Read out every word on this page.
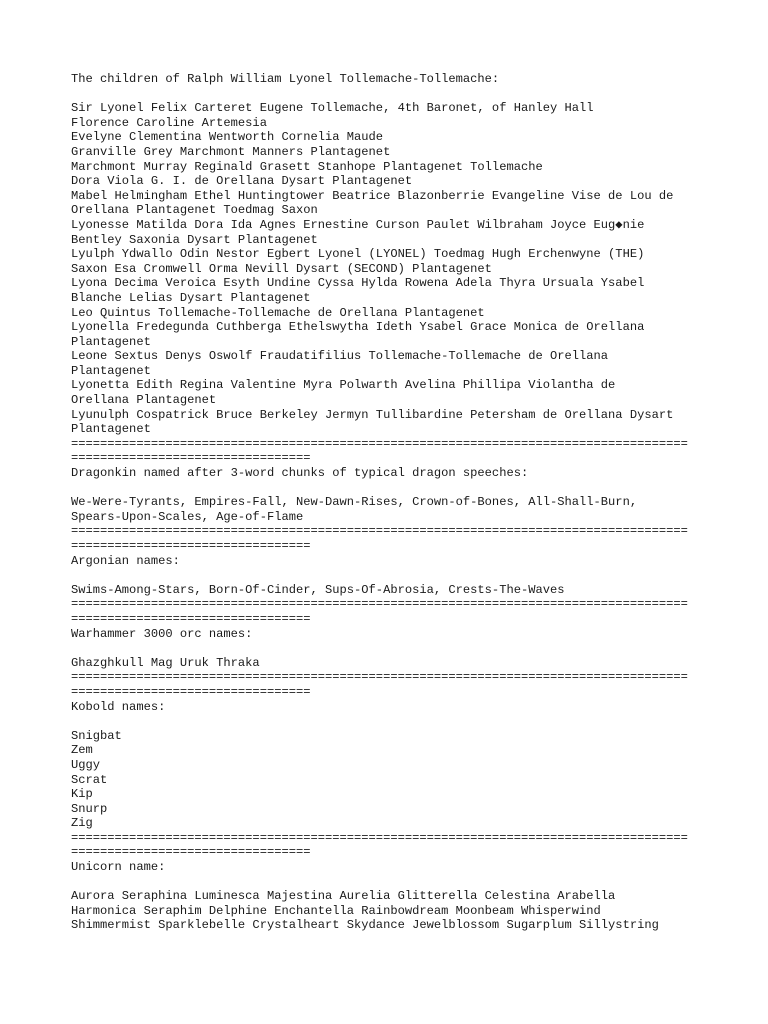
The children of Ralph William Lyonel Tollemache-Tollemache:
Sir Lyonel Felix Carteret Eugene Tollemache, 4th Baronet, of Hanley Hall
Florence Caroline Artemesia
Evelyne Clementina Wentworth Cornelia Maude
Granville Grey Marchmont Manners Plantagenet
Marchmont Murray Reginald Grasett Stanhope Plantagenet Tollemache
Dora Viola G. I. de Orellana Dysart Plantagenet
Mabel Helmingham Ethel Huntingtower Beatrice Blazonberrie Evangeline Vise de Lou de
Orellana Plantagenet Toedmag Saxon
Lyonesse Matilda Dora Ida Agnes Ernestine Curson Paulet Wilbraham Joyce Eug◆nie
Bentley Saxonia Dysart Plantagenet
Lyulph Ydwallo Odin Nestor Egbert Lyonel (LYONEL) Toedmag Hugh Erchenwyne (THE)
Saxon Esa Cromwell Orma Nevill Dysart (SECOND) Plantagenet
Lyona Decima Veroica Esyth Undine Cyssa Hylda Rowena Adela Thyra Ursuala Ysabel
Blanche Lelias Dysart Plantagenet
Leo Quintus Tollemache-Tollemache de Orellana Plantagenet
Lyonella Fredegunda Cuthberga Ethelswytha Ideth Ysabel Grace Monica de Orellana
Plantagenet
Leone Sextus Denys Oswolf Fraudatifilius Tollemache-Tollemache de Orellana
Plantagenet
Lyonetta Edith Regina Valentine Myra Polwarth Avelina Phillipa Violantha de
Orellana Plantagenet
Lyunulph Cospatrick Bruce Berkeley Jermyn Tullibardine Petersham de Orellana Dysart
Plantagenet
=====================================================================================
=================================
Dragonkin named after 3-word chunks of typical dragon speeches:
We-Were-Tyrants, Empires-Fall, New-Dawn-Rises, Crown-of-Bones, All-Shall-Burn,
Spears-Upon-Scales, Age-of-Flame
=====================================================================================
=================================
Argonian names:
Swims-Among-Stars, Born-Of-Cinder, Sups-Of-Abrosia, Crests-The-Waves
=====================================================================================
=================================
Warhammer 3000 orc names:
Ghazghkull Mag Uruk Thraka
=====================================================================================
=================================
Kobold names:
Snigbat
Zem
Uggy
Scrat
Kip
Snurp
Zig
=====================================================================================
=================================
Unicorn name:
Aurora Seraphina Luminesca Majestina Aurelia Glitterella Celestina Arabella
Harmonica Seraphim Delphine Enchantella Rainbowdream Moonbeam Whisperwind
Shimmermist Sparklebelle Crystalheart Skydance Jewelblossom Sugarplum Sillystring
